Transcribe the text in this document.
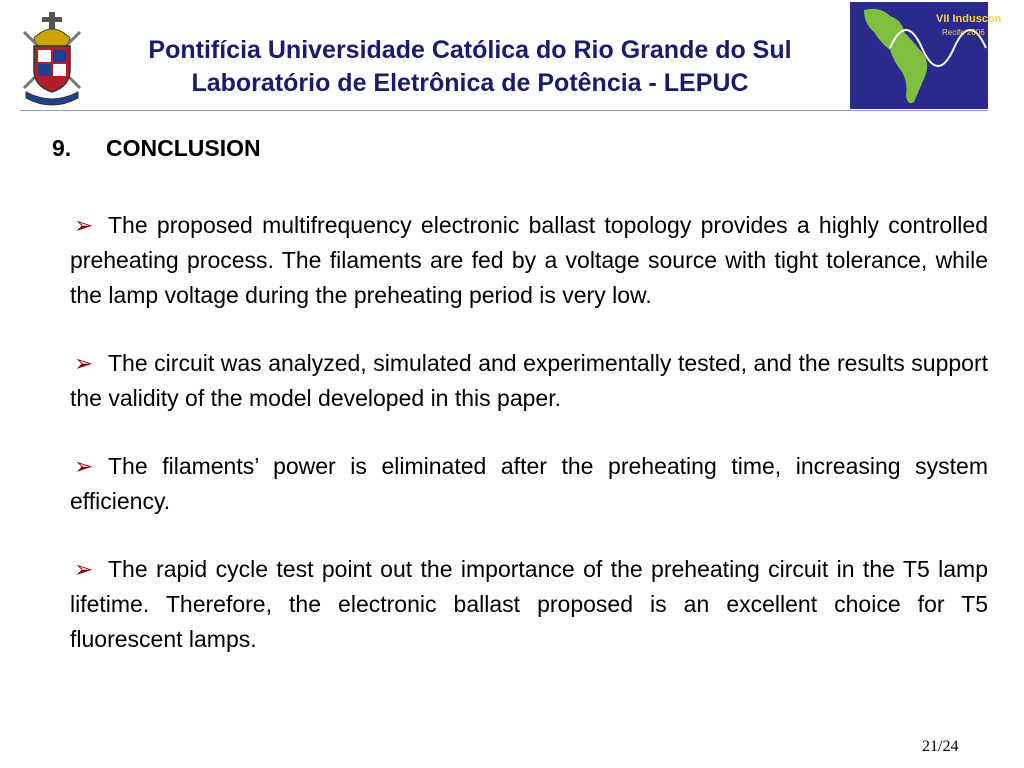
Pontifícia Universidade Católica do Rio Grande do Sul
Laboratório de Eletrônica de Potência - LEPUC
VII Induscon
Recife 2006
9. CONCLUSION
➢ The proposed multifrequency electronic ballast topology provides a highly controlled preheating process. The filaments are fed by a voltage source with tight tolerance, while the lamp voltage during the preheating period is very low.
➢ The circuit was analyzed, simulated and experimentally tested, and the results support the validity of the model developed in this paper.
➢ The filaments’ power is eliminated after the preheating time, increasing system efficiency.
➢ The rapid cycle test point out the importance of the preheating circuit in the T5 lamp lifetime. Therefore, the electronic ballast proposed is an excellent choice for T5 fluorescent lamps.
21/24
